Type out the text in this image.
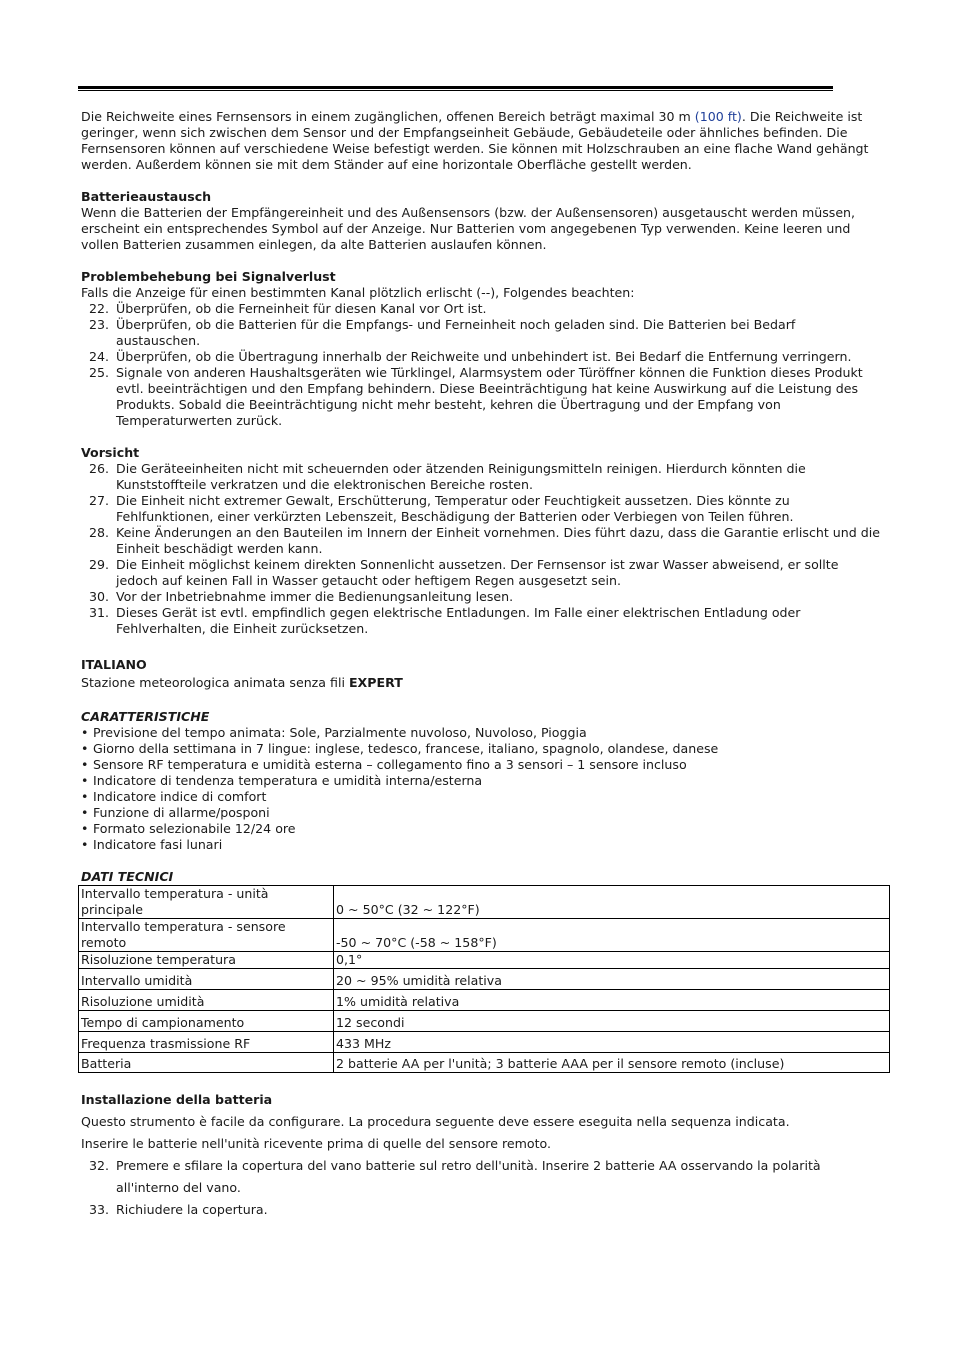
Die Reichweite eines Fernsensors in einem zugänglichen, offenen Bereich beträgt maximal 30 m (100 ft). Die Reichweite ist geringer, wenn sich zwischen dem Sensor und der Empfangseinheit Gebäude, Gebäudeteile oder ähnliches befinden. Die Fernsensoren können auf verschiedene Weise befestigt werden. Sie können mit Holzschrauben an eine flache Wand gehängt werden. Außerdem können sie mit dem Ständer auf eine horizontale Oberfläche gestellt werden.

Batterieaustausch

Wenn die Batterien der Empfängereinheit und des Außensensors (bzw. der Außensensoren) ausgetauscht werden müssen, erscheint ein entsprechendes Symbol auf der Anzeige. Nur Batterien vom angegebenen Typ verwenden. Keine leeren und vollen Batterien zusammen einlegen, da alte Batterien auslaufen können.

Problembehebung bei Signalverlust

Falls die Anzeige für einen bestimmten Kanal plötzlich erlischt (--), Folgendes beachten:

22. Überprüfen, ob die Ferneinheit für diesen Kanal vor Ort ist.
23. Überprüfen, ob die Batterien für die Empfangs- und Ferneinheit noch geladen sind. Die Batterien bei Bedarf austauschen.
24. Überprüfen, ob die Übertragung innerhalb der Reichweite und unbehindert ist. Bei Bedarf die Entfernung verringern.
25. Signale von anderen Haushaltsgeräten wie Türklingel, Alarmsystem oder Türöffner können die Funktion dieses Produkt evtl. beeinträchtigen und den Empfang behindern. Diese Beeinträchtigung hat keine Auswirkung auf die Leistung des Produkts. Sobald die Beeinträchtigung nicht mehr besteht, kehren die Übertragung und der Empfang von Temperaturwerten zurück.

Vorsicht

26. Die Geräteeinheiten nicht mit scheuernden oder ätzenden Reinigungsmitteln reinigen. Hierdurch könnten die Kunststoffteile verkratzen und die elektronischen Bereiche rosten.
27. Die Einheit nicht extremer Gewalt, Erschütterung, Temperatur oder Feuchtigkeit aussetzen. Dies könnte zu Fehlfunktionen, einer verkürzten Lebenszeit, Beschädigung der Batterien oder Verbiegen von Teilen führen.
28. Keine Änderungen an den Bauteilen im Innern der Einheit vornehmen. Dies führt dazu, dass die Garantie erlischt und die Einheit beschädigt werden kann.
29. Die Einheit möglichst keinem direkten Sonnenlicht aussetzen. Der Fernsensor ist zwar Wasser abweisend, er sollte jedoch auf keinen Fall in Wasser getaucht oder heftigem Regen ausgesetzt sein.
30. Vor der Inbetriebnahme immer die Bedienungsanleitung lesen.
31. Dieses Gerät ist evtl. empfindlich gegen elektrische Entladungen. Im Falle einer elektrischen Entladung oder Fehlverhalten, die Einheit zurücksetzen.

ITALIANO

Stazione meteorologica animata senza fili EXPERT

CARATTERISTICHE

• Previsione del tempo animata: Sole, Parzialmente nuvoloso, Nuvoloso, Pioggia
• Giorno della settimana in 7 lingue: inglese, tedesco, francese, italiano, spagnolo, olandese, danese
• Sensore RF temperatura e umidità esterna – collegamento fino a 3 sensori – 1 sensore incluso
• Indicatore di tendenza temperatura e umidità interna/esterna
• Indicatore indice di comfort
• Funzione di allarme/posponi
• Formato selezionabile 12/24 ore
• Indicatore fasi lunari

DATI TECNICI

Intervallo temperatura - unità principale	0 ~ 50°C (32 ~ 122°F)
Intervallo temperatura - sensore remoto	-50 ~ 70°C (-58 ~ 158°F)
Risoluzione temperatura	0,1°
Intervallo umidità	20 ~ 95% umidità relativa
Risoluzione umidità	1% umidità relativa
Tempo di campionamento	12 secondi
Frequenza trasmissione RF	433 MHz
Batteria	2 batterie AA per l'unità; 3 batterie AAA per il sensore remoto (incluse)

Installazione della batteria

Questo strumento è facile da configurare. La procedura seguente deve essere eseguita nella sequenza indicata.

Inserire le batterie nell'unità ricevente prima di quelle del sensore remoto.

32. Premere e sfilare la copertura del vano batterie sul retro dell'unità. Inserire 2 batterie AA osservando la polarità all'interno del vano.
33. Richiudere la copertura.
